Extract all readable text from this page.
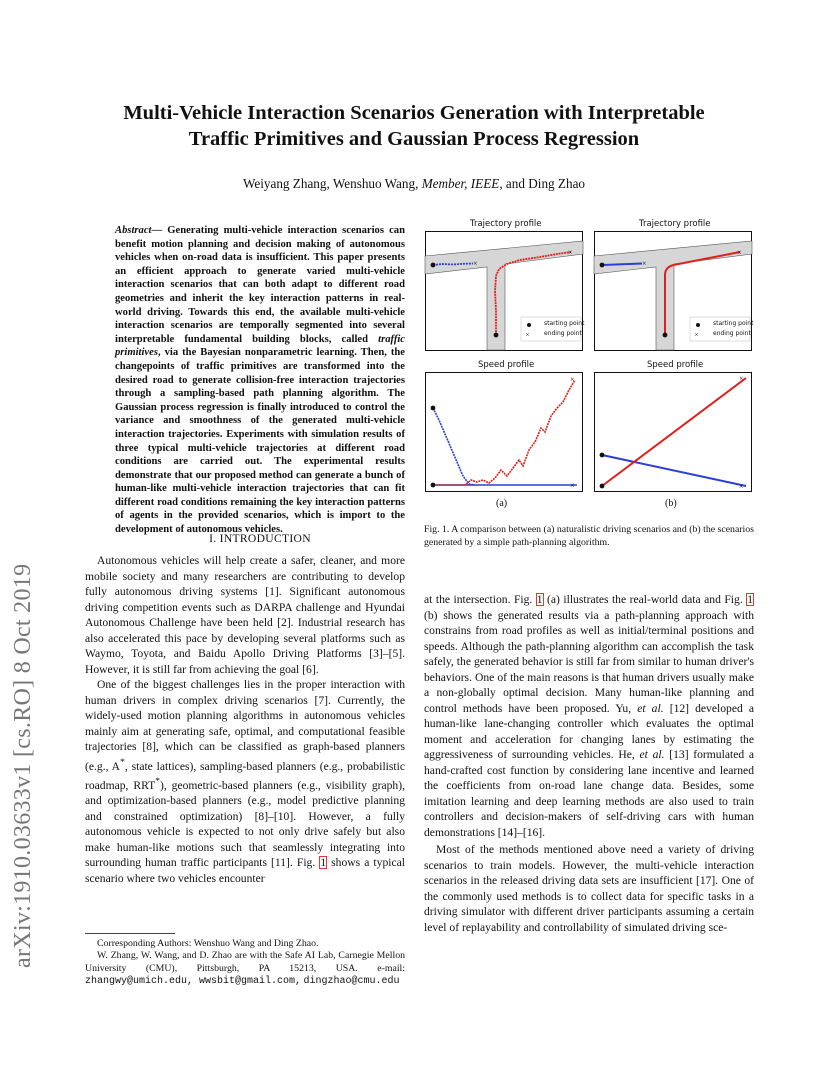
arXiv:1910.03633v1 [cs.RO] 8 Oct 2019
Multi-Vehicle Interaction Scenarios Generation with Interpretable
Traffic Primitives and Gaussian Process Regression
Weiyang Zhang, Wenshuo Wang, Member, IEEE, and Ding Zhao
Abstract— Generating multi-vehicle interaction scenarios can benefit motion planning and decision making of autonomous vehicles when on-road data is insufficient. This paper presents an efficient approach to generate varied multi-vehicle interaction scenarios that can both adapt to different road geometries and inherit the key interaction patterns in real-world driving. Towards this end, the available multi-vehicle interaction scenarios are temporally segmented into several interpretable fundamental building blocks, called traffic primitives, via the Bayesian nonparametric learning. Then, the changepoints of traffic primitives are transformed into the desired road to generate collision-free interaction trajectories through a sampling-based path planning algorithm. The Gaussian process regression is finally introduced to control the variance and smoothness of the generated multi-vehicle interaction trajectories. Experiments with simulation results of three typical multi-vehicle trajectories at different road conditions are carried out. The experimental results demonstrate that our proposed method can generate a bunch of human-like multi-vehicle interaction trajectories that can fit different road conditions remaining the key interaction patterns of agents in the provided scenarios, which is import to the development of autonomous vehicles.
I. INTRODUCTION

Autonomous vehicles will help create a safer, cleaner, and more mobile society and many researchers are contributing to develop fully autonomous driving systems [1]. Significant autonomous driving competition events such as DARPA challenge and Hyundai Autonomous Challenge have been held [2]. Industrial research has also accelerated this pace by developing several platforms such as Waymo, Toyota, and Baidu Apollo Driving Platforms [3]–[5]. However, it is still far from achieving the goal [6].

One of the biggest challenges lies in the proper interaction with human drivers in complex driving scenarios [7]. Currently, the widely-used motion planning algorithms in autonomous vehicles mainly aim at generating safe, optimal, and computational feasible trajectories [8], which can be classified as graph-based planners (e.g., A*, state lattices), sampling-based planners (e.g., probabilistic roadmap, RRT*), geometric-based planners (e.g., visibility graph), and optimization-based planners (e.g., model predictive planning and constrained optimization) [8]–[10]. However, a fully autonomous vehicle is expected to not only drive safely but also make human-like motions such that seamlessly integrating into surrounding human traffic participants [11]. Fig. 1 shows a typical scenario where two vehicles encounter

Corresponding Authors: Wenshuo Wang and Ding Zhao.

W. Zhang, W. Wang, and D. Zhao are with the Safe AI Lab, Carnegie Mellon University (CMU), Pittsburgh, PA 15213, USA. e-mail: zhangwy@umich.edu, wwsbit@gmail.com, dingzhao@cmu.edu

Trajectory profile
×
×
×
starting point
ending point
Trajectory profile
×
×
×
starting point
ending point
Speed profile
×
×
(a)
Speed profile
×
×
(b)
Fig. 1. A comparison between (a) naturalistic driving scenarios and (b) the scenarios generated by a simple path-planning algorithm.

at the intersection. Fig. 1 (a) illustrates the real-world data and Fig. 1 (b) shows the generated results via a path-planning approach with constrains from road profiles as well as initial/terminal positions and speeds. Although the path-planning algorithm can accomplish the task safely, the generated behavior is still far from similar to human driver's behaviors. One of the main reasons is that human drivers usually make a non-globally optimal decision. Many human-like planning and control methods have been proposed. Yu, et al. [12] developed a human-like lane-changing controller which evaluates the optimal moment and acceleration for changing lanes by estimating the aggressiveness of surrounding vehicles. He, et al. [13] formulated a hand-crafted cost function by considering lane incentive and learned the coefficients from on-road lane change data. Besides, some imitation learning and deep learning methods are also used to train controllers and decision-makers of self-driving cars with human demonstrations [14]–[16].

Most of the methods mentioned above need a variety of driving scenarios to train models. However, the multi-vehicle interaction scenarios in the released driving data sets are insufficient [17]. One of the commonly used methods is to collect data for specific tasks in a driving simulator with different driver participants assuming a certain level of replayability and controllability of simulated driving sce-
